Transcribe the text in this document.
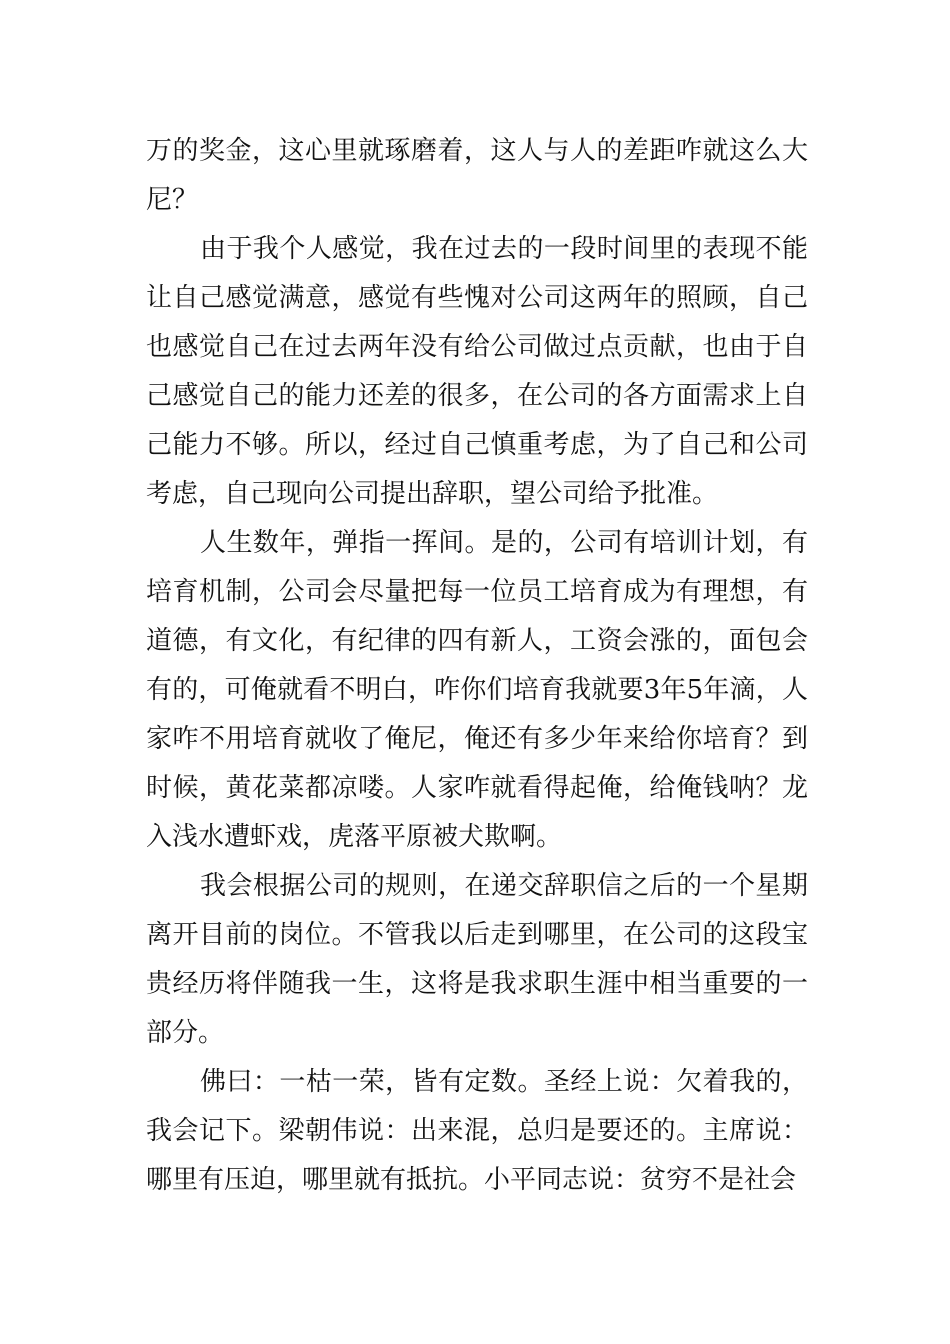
万的奖金，这心里就琢磨着，这人与人的差距咋就这么大尼？

由于我个人感觉，我在过去的一段时间里的表现不能让自己感觉满意，感觉有些愧对公司这两年的照顾，自己也感觉自己在过去两年没有给公司做过点贡献，也由于自己感觉自己的能力还差的很多，在公司的各方面需求上自己能力不够。所以，经过自己慎重考虑，为了自己和公司考虑，自己现向公司提出辞职，望公司给予批准。

人生数年，弹指一挥间。是的，公司有培训计划，有培育机制，公司会尽量把每一位员工培育成为有理想，有道德，有文化，有纪律的四有新人，工资会涨的，面包会有的，可俺就看不明白，咋你们培育我就要3年5年滴，人家咋不用培育就收了俺尼，俺还有多少年来给你培育？到时候，黄花菜都凉喽。人家咋就看得起俺，给俺钱呐？龙入浅水遭虾戏，虎落平原被犬欺啊。

我会根据公司的规则，在递交辞职信之后的一个星期离开目前的岗位。不管我以后走到哪里，在公司的这段宝贵经历将伴随我一生，这将是我求职生涯中相当重要的一部分。

佛曰：一枯一荣，皆有定数。圣经上说：欠着我的，我会记下。梁朝伟说：出来混，总归是要还的。主席说：哪里有压迫，哪里就有抵抗。小平同志说：贫穷不是社会
